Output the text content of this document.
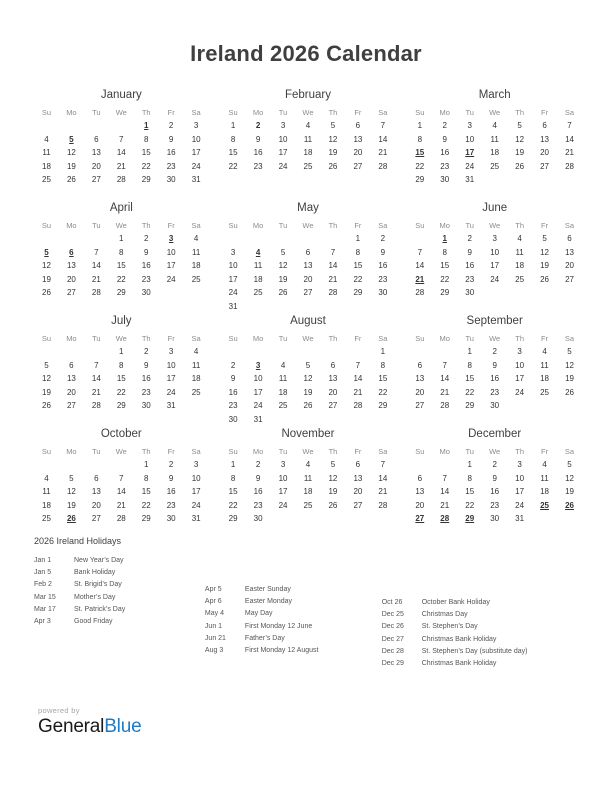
Ireland 2026 Calendar
January
Su	Mo	Tu	We	Th	Fr	Sa
				1	2	3
4	5	6	7	8	9	10
11	12	13	14	15	16	17
18	19	20	21	22	23	24
25	26	27	28	29	30	31

February
Su	Mo	Tu	We	Th	Fr	Sa
1	2	3	4	5	6	7
8	9	10	11	12	13	14
15	16	17	18	19	20	21
22	23	24	25	26	27	28

March
Su	Mo	Tu	We	Th	Fr	Sa
1	2	3	4	5	6	7
8	9	10	11	12	13	14
15	16	17	18	19	20	21
22	23	24	25	26	27	28
29	30	31				

April
Su	Mo	Tu	We	Th	Fr	Sa
			1	2	3	4
5	6	7	8	9	10	11
12	13	14	15	16	17	18
19	20	21	22	23	24	25
26	27	28	29	30		

May
Su	Mo	Tu	We	Th	Fr	Sa
					1	2
3	4	5	6	7	8	9
10	11	12	13	14	15	16
17	18	19	20	21	22	23
24	25	26	27	28	29	30
31						
June
Su	Mo	Tu	We	Th	Fr	Sa
	1	2	3	4	5	6
7	8	9	10	11	12	13
14	15	16	17	18	19	20
21	22	23	24	25	26	27
28	29	30				

July
Su	Mo	Tu	We	Th	Fr	Sa
			1	2	3	4
5	6	7	8	9	10	11
12	13	14	15	16	17	18
19	20	21	22	23	24	25
26	27	28	29	30	31	

August
Su	Mo	Tu	We	Th	Fr	Sa
						1
2	3	4	5	6	7	8
9	10	11	12	13	14	15
16	17	18	19	20	21	22
23	24	25	26	27	28	29
30	31					
September
Su	Mo	Tu	We	Th	Fr	Sa
		1	2	3	4	5
6	7	8	9	10	11	12
13	14	15	16	17	18	19
20	21	22	23	24	25	26
27	28	29	30			

October
Su	Mo	Tu	We	Th	Fr	Sa
				1	2	3
4	5	6	7	8	9	10
11	12	13	14	15	16	17
18	19	20	21	22	23	24
25	26	27	28	29	30	31

November
Su	Mo	Tu	We	Th	Fr	Sa
1	2	3	4	5	6	7
8	9	10	11	12	13	14
15	16	17	18	19	20	21
22	23	24	25	26	27	28
29	30					

December
Su	Mo	Tu	We	Th	Fr	Sa
		1	2	3	4	5
6	7	8	9	10	11	12
13	14	15	16	17	18	19
20	21	22	23	24	25	26
27	28	29	30	31		

2026 Ireland Holidays
Jan 1	New Year’s Day
Jan 5	Bank Holiday
Feb 2	St. Brigid’s Day
Mar 15	Mother’s Day
Mar 17	St. Patrick’s Day
Apr 3	Good Friday
Apr 5	Easter Sunday
Apr 6	Easter Monday
May 4	May Day
Jun 1	First Monday 12 June
Jun 21	Father’s Day
Aug 3	First Monday 12 August
Oct 26	October Bank Holiday
Dec 25	Christmas Day
Dec 26	St. Stephen’s Day
Dec 27	Christmas Bank Holiday
Dec 28	St. Stephen’s Day (substitute day)
Dec 29	Christmas Bank Holiday
powered by
GeneralBlue
